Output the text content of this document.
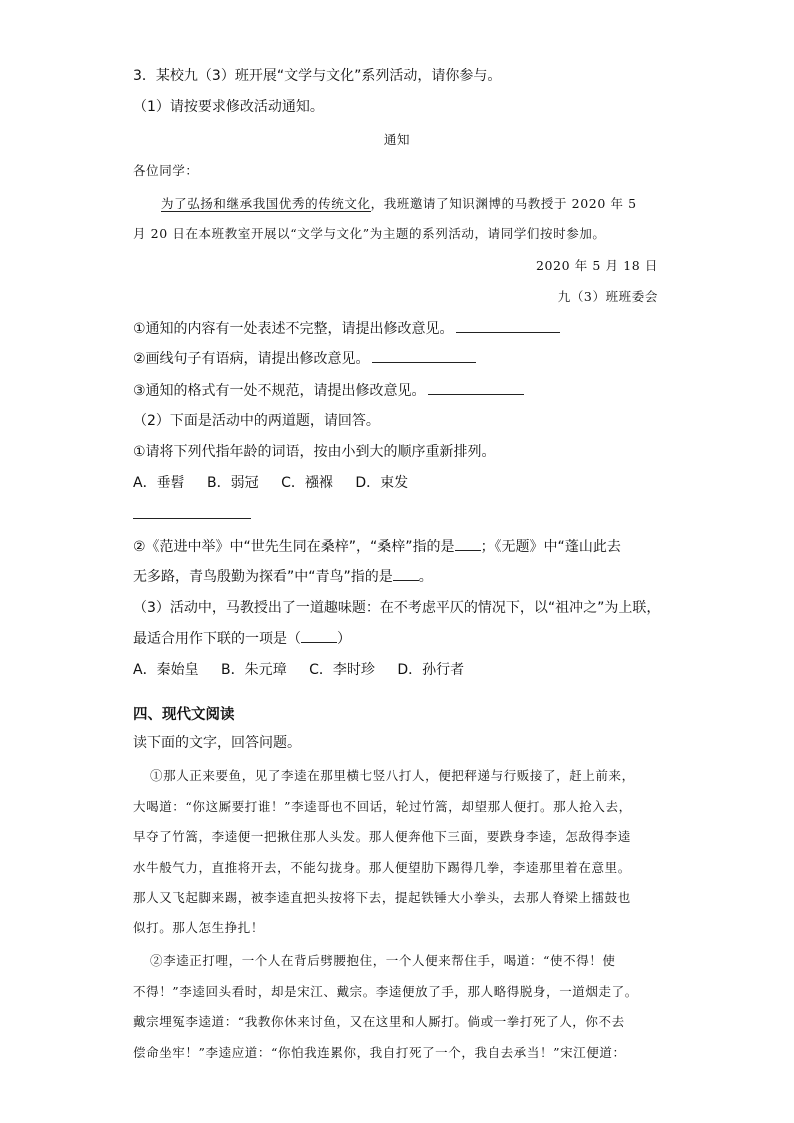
3．某校九（3）班开展“文学与文化”系列活动，请你参与。
（1）请按要求修改活动通知。
通知
各位同学：
为了弘扬和继承我国优秀的传统文化，我班邀请了知识渊博的马教授于 2020 年 5
月 20 日在本班教室开展以“文学与文化”为主题的系列活动，请同学们按时参加。
2020 年 5 月 18 日
九（3）班班委会
①通知的内容有一处表述不完整，请提出修改意见。
②画线句子有语病，请提出修改意见。
③通知的格式有一处不规范，请提出修改意见。
（2）下面是活动中的两道题，请回答。
①请将下列代指年龄的词语，按由小到大的顺序重新排列。
A．垂髫 B．弱冠 C．襁褓 D．束发
②《范进中举》中“世先生同在桑梓”，“桑梓”指的是 ；《无题》中“蓬山此去
无多路，青鸟殷勤为探看”中“青鸟”指的是 。
（3）活动中，马教授出了一道趣味题：在不考虑平仄的情况下，以“祖冲之”为上联，
最适合用作下联的一项是（	）
A．秦始皇 B．朱元璋 C．李时珍 D．孙行者
四、现代文阅读
读下面的文字，回答问题。
①那人正来要鱼，见了李逵在那里横七竖八打人，便把秤递与行贩接了，赶上前来，
大喝道：“你这厮要打谁！”李逵哥也不回话，轮过竹篙，却望那人便打。那人抢入去，
早夺了竹篙，李逵便一把揪住那人头发。那人便奔他下三面，要跌身李逵，怎敌得李逵
水牛般气力，直推将开去，不能勾拢身。那人便望肋下踢得几拳，李逵那里着在意里。
那人又飞起脚来踢，被李逵直把头按将下去，提起铁锤大小拳头，去那人脊梁上擂鼓也
似打。那人怎生挣扎！
②李逵正打哩，一个人在背后劈腰抱住，一个人便来帮住手，喝道：“使不得！使
不得！”李逵回头看时，却是宋江、戴宗。李逵便放了手，那人略得脱身，一道烟走了。
戴宗埋冤李逵道：“我教你休来讨鱼，又在这里和人厮打。倘或一拳打死了人，你不去
偿命坐牢！”李逵应道：“你怕我连累你，我自打死了一个，我自去承当！”宋江便道：
